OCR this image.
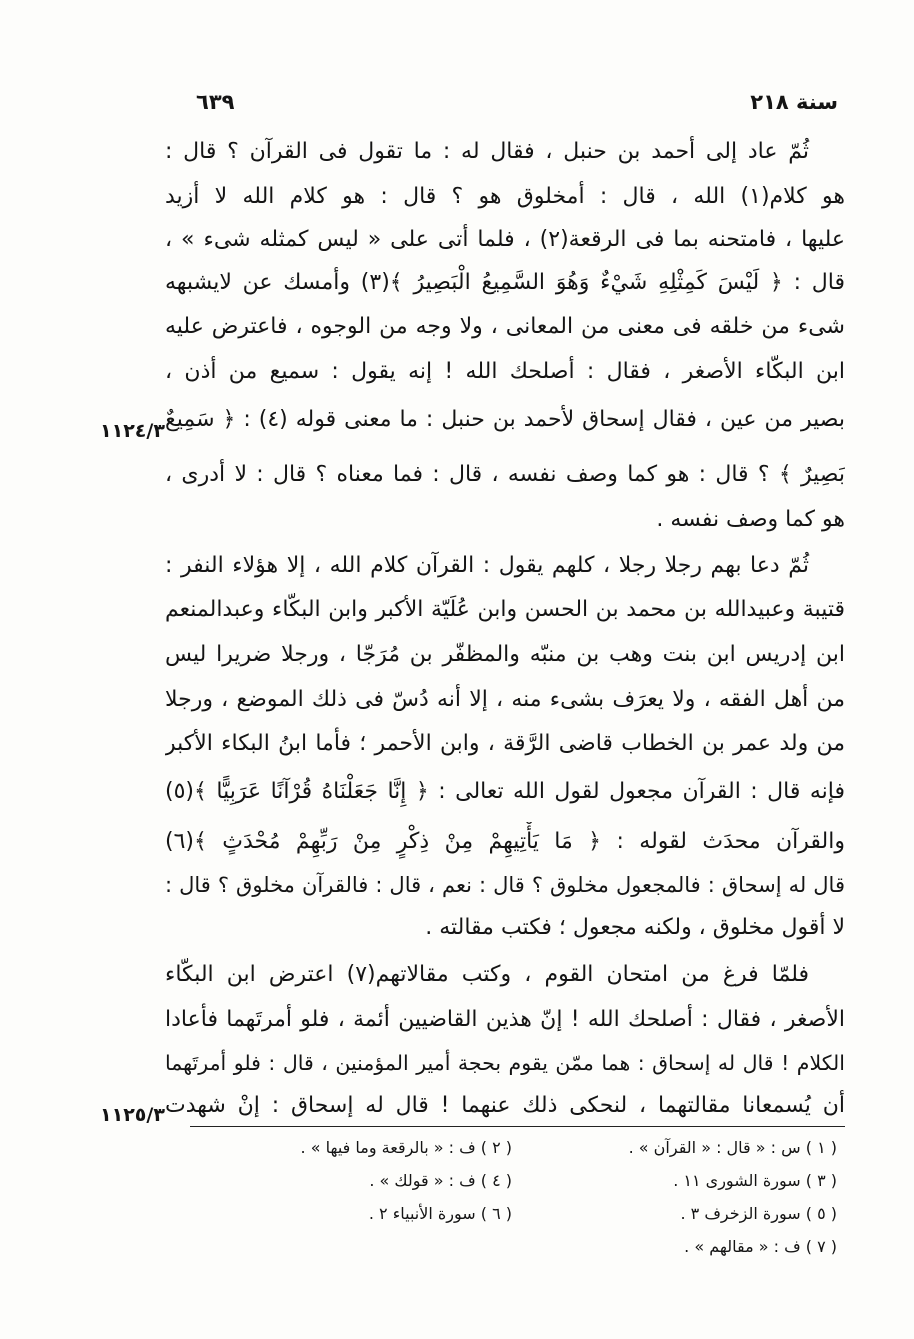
٦٣٩	سنة ٢١٨
ثُمّ عاد إلى أحمد بن حنبل ، فقال له : ما تقول فى القرآن ؟ قال :
هو كلام(١) الله ، قال : أمخلوق هو ؟ قال : هو كلام الله لا أزيد
عليها ، فامتحنه بما فى الرقعة(٢) ، فلما أتى على « ليس كمثله شىء » ،
قال : ﴿ لَيْسَ كَمِثْلِهِ شَيْءٌ وَهُوَ السَّمِيعُ الْبَصِيرُ ﴾(٣) وأمسك عن لايشبهه
شىء من خلقه فى معنى من المعانى ، ولا وجه من الوجوه ، فاعترض عليه
ابن البكّاء الأصغر ، فقال : أصلحك الله ! إنه يقول : سميع من أذن ،
بصير من عين ، فقال إسحاق لأحمد بن حنبل : ما معنى قوله (٤) : ﴿ سَمِيعٌ
بَصِيرٌ ﴾ ؟ قال : هو كما وصف نفسه ، قال : فما معناه ؟ قال : لا أدرى ،
هو كما وصف نفسه .
ثُمّ دعا بهم رجلا رجلا ، كلهم يقول : القرآن كلام الله ، إلا هؤلاء النفر :
قتيبة وعبيدالله بن محمد بن الحسن وابن عُلَيّة الأكبر وابن البكّاء وعبدالمنعم
ابن إدريس ابن بنت وهب بن منبّه والمظفّر بن مُرَجّا ، ورجلا ضريرا ليس
من أهل الفقه ، ولا يعرَف بشىء منه ، إلا أنه دُسّ فى ذلك الموضع ، ورجلا
من ولد عمر بن الخطاب قاضى الرَّقة ، وابن الأحمر ؛ فأما ابنُ البكاء الأكبر
فإنه قال : القرآن مجعول لقول الله تعالى : ﴿ إِنَّا جَعَلْنَاهُ قُرْآنًا عَرَبِيًّا ﴾(٥)
والقرآن محدَث لقوله : ﴿ مَا يَأْتِيهِمْ مِنْ ذِكْرٍ مِنْ رَبِّهِمْ مُحْدَثٍ ﴾(٦)
قال له إسحاق : فالمجعول مخلوق ؟ قال : نعم ، قال : فالقرآن مخلوق ؟ قال :
لا أقول مخلوق ، ولكنه مجعول ؛ فكتب مقالته .
فلمّا فرغ من امتحان القوم ، وكتب مقالاتهم(٧) اعترض ابن البكّاء
الأصغر ، فقال : أصلحك الله ! إنّ هذين القاضيين أئمة ، فلو أمرتَهما فأعادا
الكلام ! قال له إسحاق : هما ممّن يقوم بحجة أمير المؤمنين ، قال : فلو أمرتَهما
أن يُسمعانا مقالتهما ، لنحكى ذلك عنهما ! قال له إسحاق : إنْ شهدت
١١٢٤/٣
١١٢٥/٣
( ١ ) س : « قال : « القرآن » .
( ٣ ) سورة الشورى ١١ .
( ٥ ) سورة الزخرف ٣ .
( ٧ ) ف : « مقالهم » .
( ٢ ) ف : « بالرقعة وما فيها » .
( ٤ ) ف : « قولك » .
( ٦ ) سورة الأنبياء ٢ .
